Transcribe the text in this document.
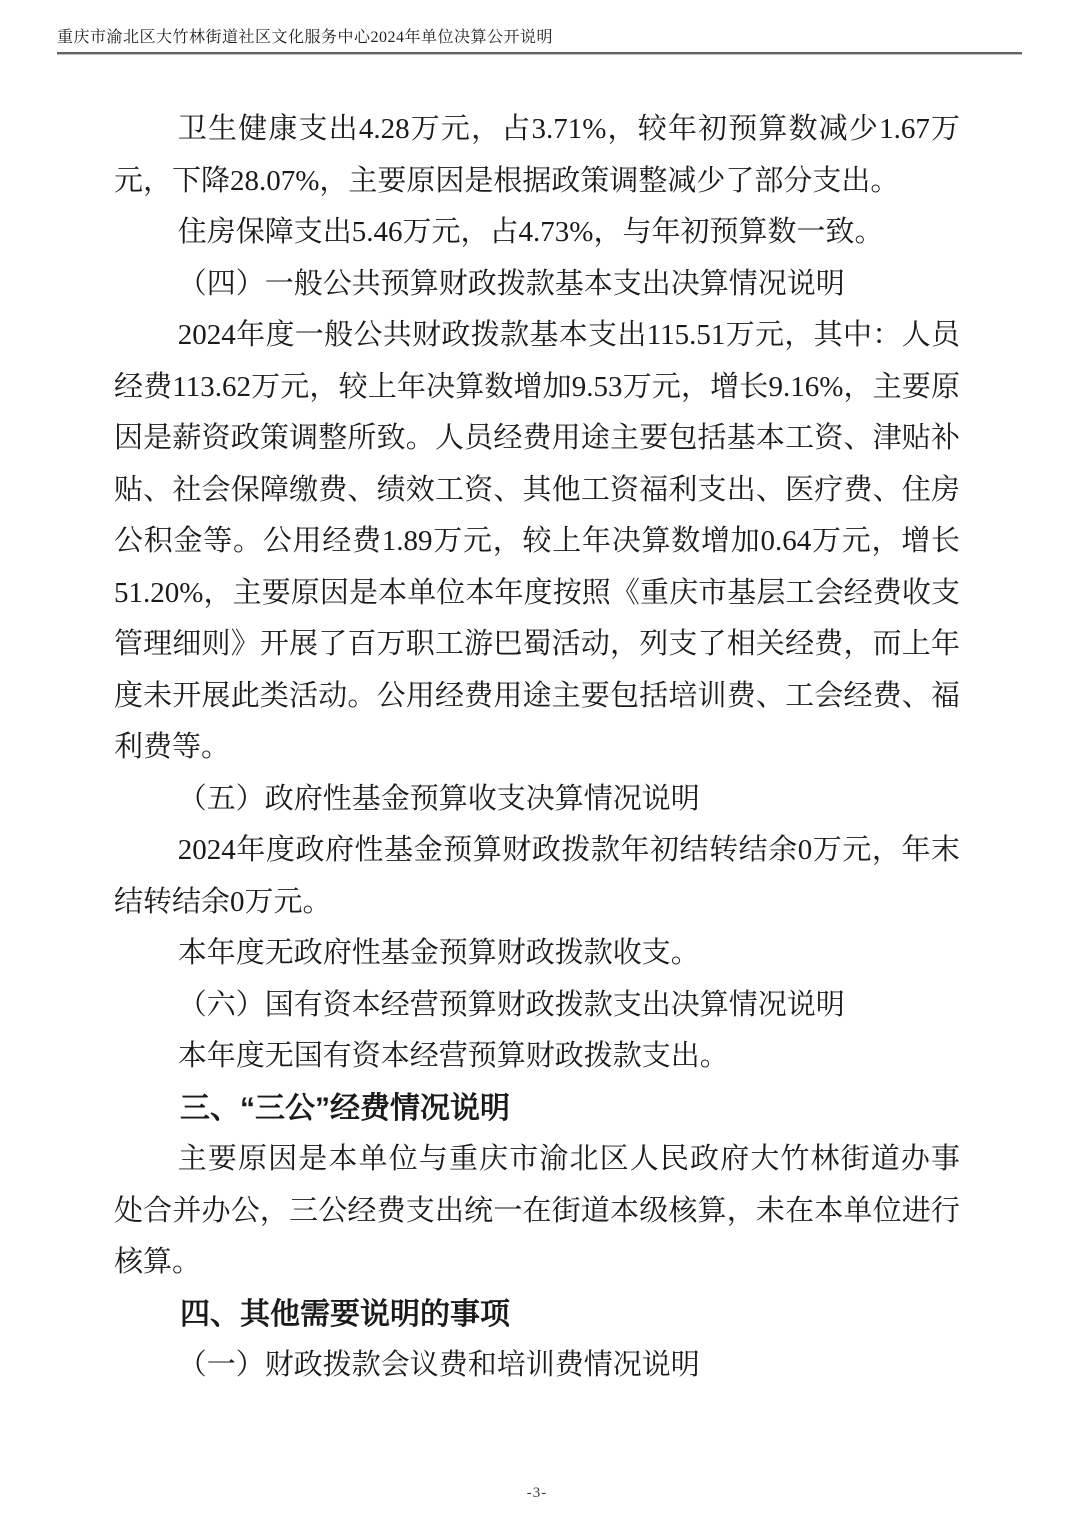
重庆市渝北区大竹林街道社区文化服务中心2024年单位决算公开说明

卫生健康支出4.28万元，占3.71%，较年初预算数减少1.67万元，下降28.07%，主要原因是根据政策调整减少了部分支出。

住房保障支出5.46万元，占4.73%，与年初预算数一致。

（四）一般公共预算财政拨款基本支出决算情况说明

2024年度一般公共财政拨款基本支出115.51万元，其中：人员经费113.62万元，较上年决算数增加9.53万元，增长9.16%，主要原因是薪资政策调整所致。人员经费用途主要包括基本工资、津贴补贴、社会保障缴费、绩效工资、其他工资福利支出、医疗费、住房公积金等。公用经费1.89万元，较上年决算数增加0.64万元，增长51.20%，主要原因是本单位本年度按照《重庆市基层工会经费收支管理细则》开展了百万职工游巴蜀活动，列支了相关经费，而上年度未开展此类活动。公用经费用途主要包括培训费、工会经费、福利费等。

（五）政府性基金预算收支决算情况说明

2024年度政府性基金预算财政拨款年初结转结余0万元，年末结转结余0万元。

本年度无政府性基金预算财政拨款收支。

（六）国有资本经营预算财政拨款支出决算情况说明

本年度无国有资本经营预算财政拨款支出。

三、“三公”经费情况说明

主要原因是本单位与重庆市渝北区人民政府大竹林街道办事处合并办公，三公经费支出统一在街道本级核算，未在本单位进行核算。

四、其他需要说明的事项

（一）财政拨款会议费和培训费情况说明

-3-
